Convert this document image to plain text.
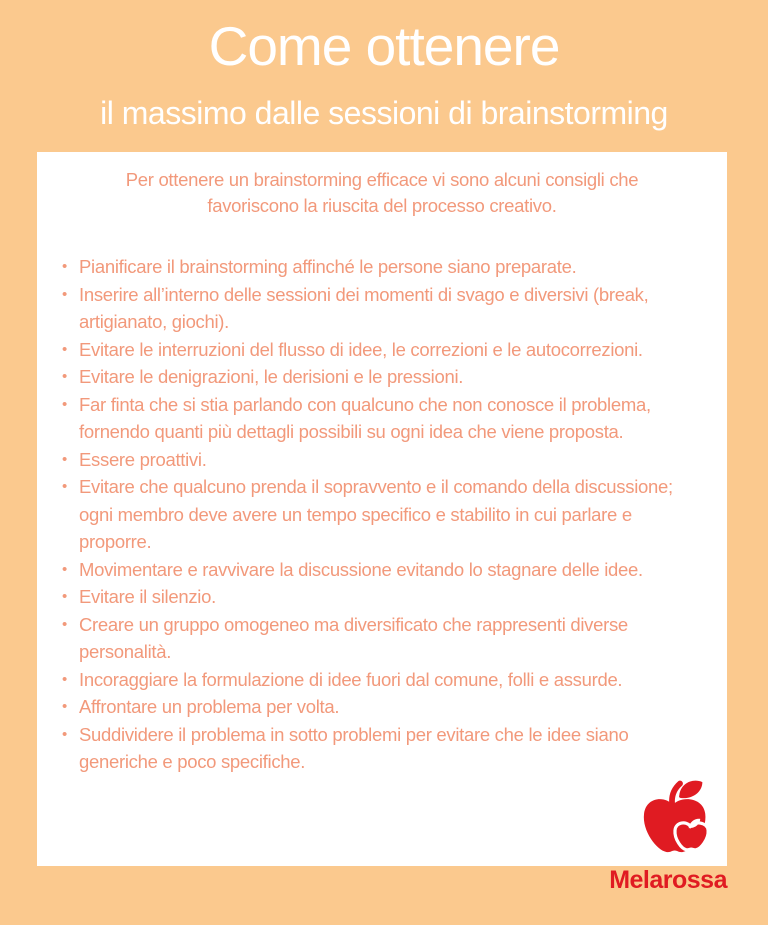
Come ottenere
il massimo dalle sessioni di brainstorming

Per ottenere un brainstorming efficace vi sono alcuni consigli che favoriscono la riuscita del processo creativo.

• Pianificare il brainstorming affinché le persone siano preparate.
• Inserire all’interno delle sessioni dei momenti di svago e diversivi (break, artigianato, giochi).
• Evitare le interruzioni del flusso di idee, le correzioni e le autocorrezioni.
• Evitare le denigrazioni, le derisioni e le pressioni.
• Far finta che si stia parlando con qualcuno che non conosce il problema, fornendo quanti più dettagli possibili su ogni idea che viene proposta.
• Essere proattivi.
• Evitare che qualcuno prenda il sopravvento e il comando della discussione; ogni membro deve avere un tempo specifico e stabilito in cui parlare e proporre.
• Movimentare e ravvivare la discussione evitando lo stagnare delle idee.
• Evitare il silenzio.
• Creare un gruppo omogeneo ma diversificato che rappresenti diverse personalità.
• Incoraggiare la formulazione di idee fuori dal comune, folli e assurde.
• Affrontare un problema per volta.
• Suddividere il problema in sotto problemi per evitare che le idee siano generiche e poco specifiche.
Melarossa
